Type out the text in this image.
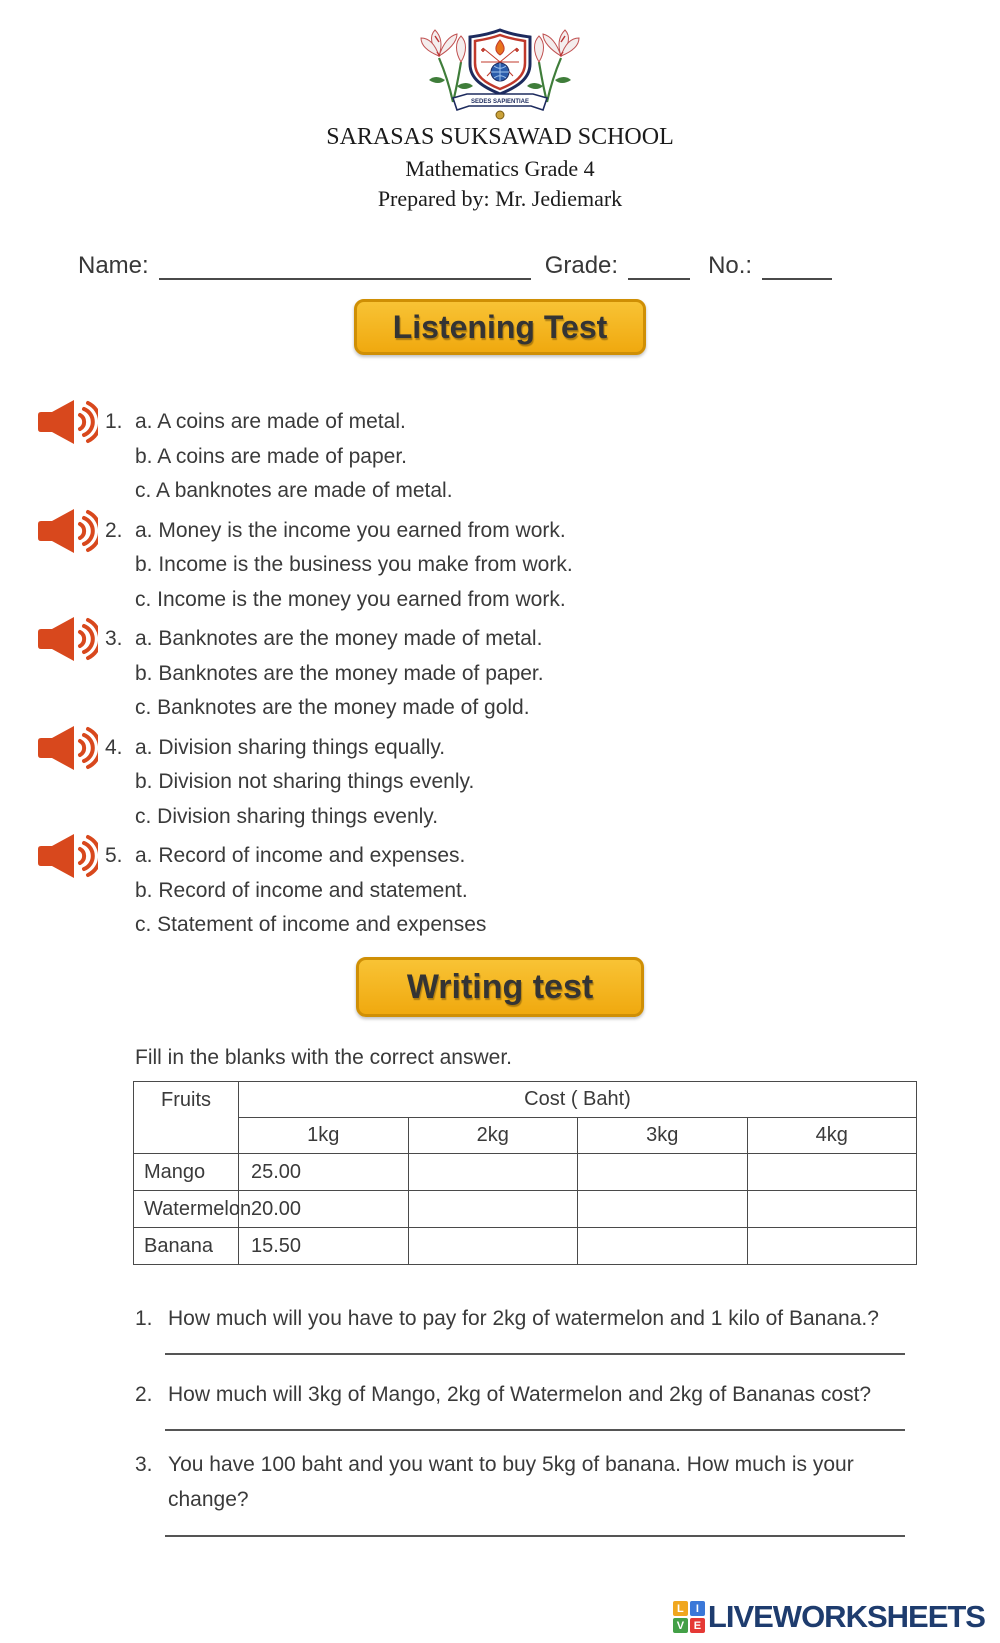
SEDES SAPIENTIAE
SARASAS SUKSAWAD SCHOOL
Mathematics Grade 4
Prepared by: Mr. Jediemark
Name:	Grade:	No.:
Listening Test
1. a. A coins are made of metal.
b. A coins are made of paper.
c. A banknotes are made of metal.
2. a. Money is the income you earned from work.
b. Income is the business you make from work.
c. Income is the money you earned from work.
3. a. Banknotes are the money made of metal.
b. Banknotes are the money made of paper.
c. Banknotes are the money made of gold.
4. a. Division sharing things equally.
b. Division not sharing things evenly.
c. Division sharing things evenly.
5. a. Record of income and expenses.
b. Record of income and statement.
c. Statement of income and expenses
Writing test
Fill in the blanks with the correct answer.
Fruits	Cost ( Baht)			
	1kg	2kg	3kg	4kg
Mango	25.00			
Watermelon	20.00			
Banana	15.50			
1. How much will you have to pay for 2kg of watermelon and 1 kilo of Banana.?
2. How much will 3kg of Mango, 2kg of Watermelon and 2kg of Bananas cost?
3. You have 100 baht and you want to buy 5kg of banana. How much is your change?
L	I
V E LIVEWORKSHEETS
